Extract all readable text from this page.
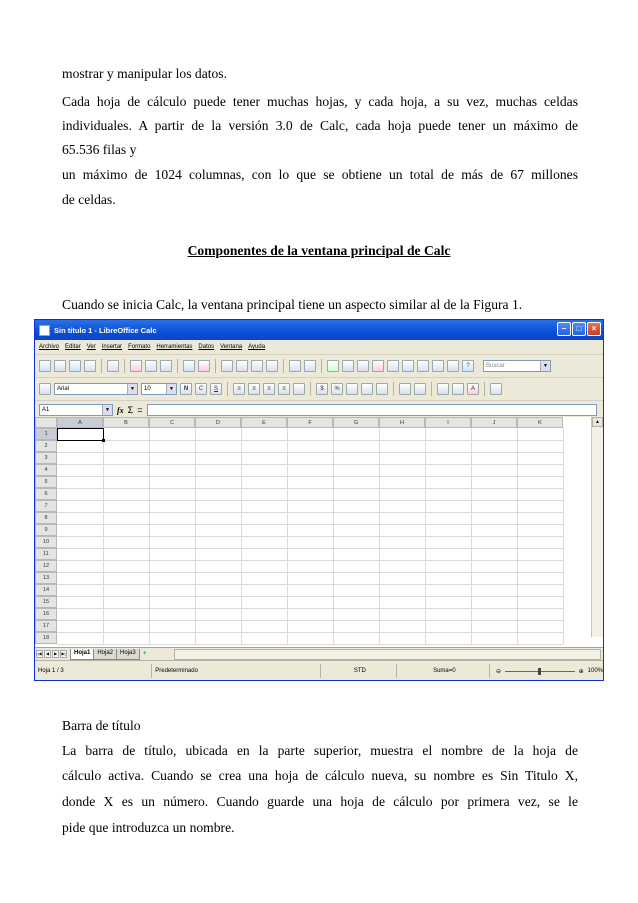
mostrar y manipular los datos.

Cada hoja de cálculo puede tener muchas hojas, y cada hoja, a su vez, muchas celdas

individuales. A partir de la versión 3.0 de Calc, cada hoja puede tener un máximo de

65.536 filas y

un máximo de 1024 columnas, con lo que se obtiene un total de más de 67 millones

de celdas.

Componentes de la ventana principal de Calc

Cuando se inicia Calc, la ventana principal tiene un aspecto similar al de la Figura 1.

Sin título 1 - LibreOffice Calc	–	□	×
Archivo Editar Ver Insertar Formato Herramientas Datos Ventana Ayuda
?	Buscar	▼
Arial	▼	10	▼	N	C	S	≡	≡	≡	≡	$	%	A
A1	▼ fx Σ =
A	B	C	D	E	F	G	H	I	J	K
1
2
3
4
5
6
7
8
9
10
11
12
13
14
15
16
17
18
▲
|◀	◀	▶	▶|	Hoja1	Hoja2	Hoja3	+
Hoja 1 / 3	Predeterminado	STD	Suma=0	⊖	⊕ 100%

Barra de título

La barra de título, ubicada en la parte superior, muestra el nombre de la hoja de

cálculo activa. Cuando se crea una hoja de cálculo nueva, su nombre es Sin Titulo X,

donde X es un número. Cuando guarde una hoja de cálculo por primera vez, se le

pide que introduzca un nombre.
